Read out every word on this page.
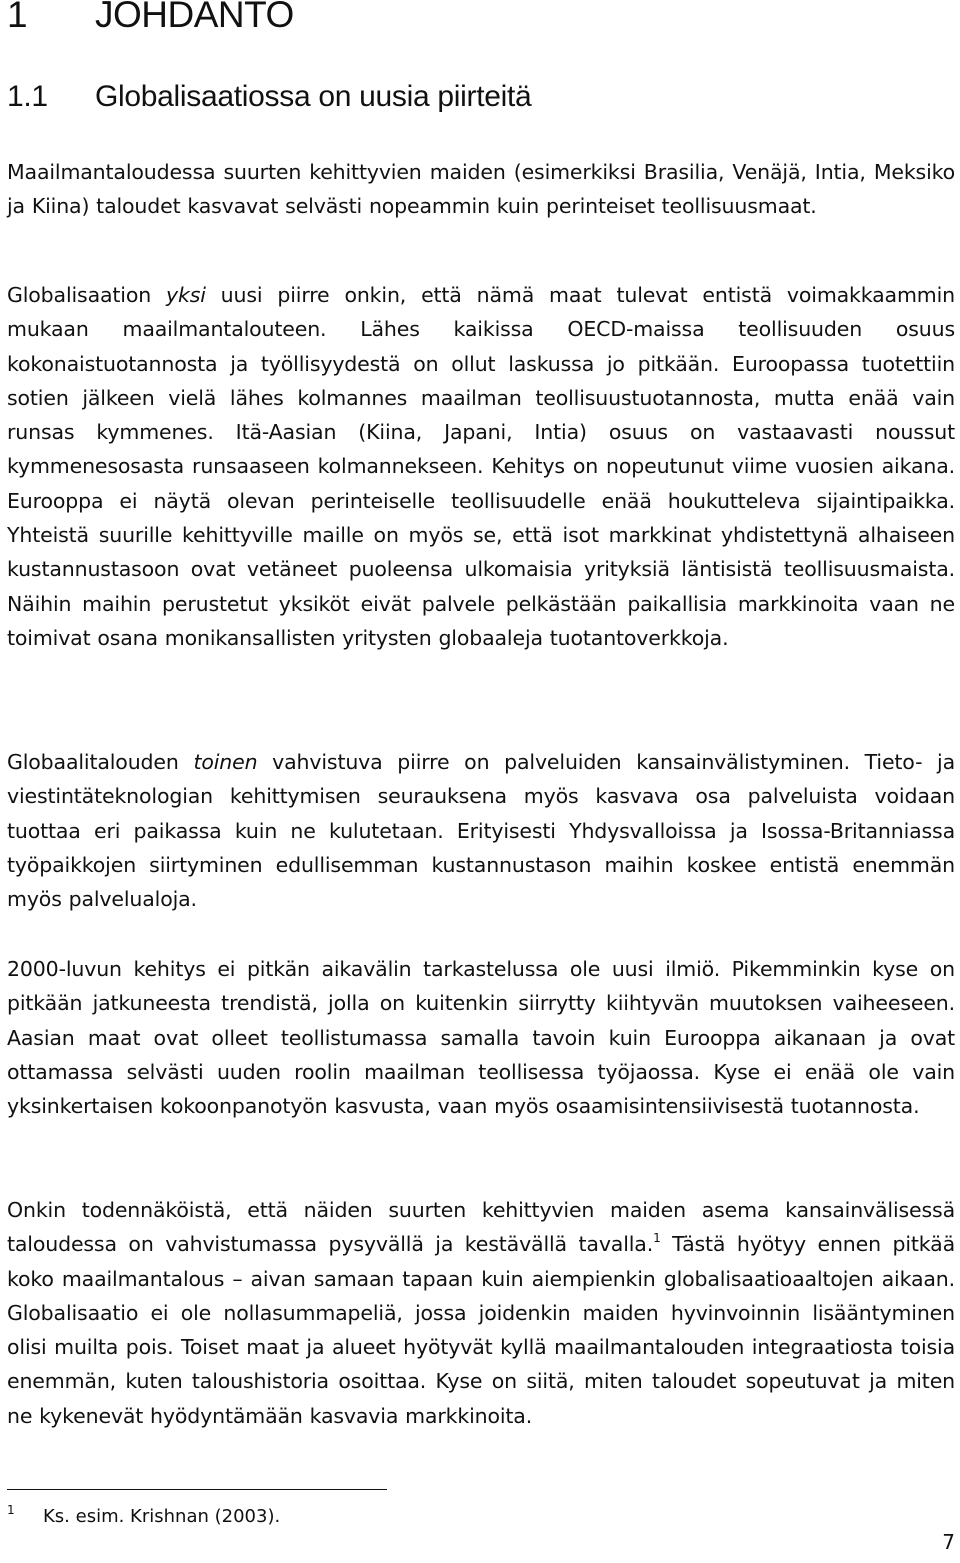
1 JOHDANTO
1.1 Globalisaatiossa on uusia piirteitä

Maailmantaloudessa suurten kehittyvien maiden (esimerkiksi Brasilia, Venäjä, Intia, Meksiko ja Kiina) taloudet kasvavat selvästi nopeammin kuin perinteiset teollisuusmaat.

Globalisaation yksi uusi piirre onkin, että nämä maat tulevat entistä voimakkaammin mukaan maailmantalouteen. Lähes kaikissa OECD-maissa teollisuuden osuus kokonaistuotannosta ja työllisyydestä on ollut laskussa jo pitkään. Euroopassa tuotettiin sotien jälkeen vielä lähes kolmannes maailman teollisuustuotannosta, mutta enää vain runsas kymmenes. Itä-Aasian (Kiina, Japani, Intia) osuus on vastaavasti noussut kymmenesosasta runsaaseen kolmannekseen. Kehitys on nopeutunut viime vuosien aikana. Eurooppa ei näytä olevan perinteiselle teollisuudelle enää houkutteleva sijaintipaikka. Yhteistä suurille kehittyville maille on myös se, että isot markkinat yhdistettynä alhaiseen kustannustasoon ovat vetäneet puoleensa ulkomaisia yrityksiä läntisistä teollisuusmaista. Näihin maihin perustetut yksiköt eivät palvele pelkästään paikallisia markkinoita vaan ne toimivat osana monikansallisten yritysten globaaleja tuotantoverkkoja.

Globaalitalouden toinen vahvistuva piirre on palveluiden kansainvälistyminen. Tieto- ja viestintäteknologian kehittymisen seurauksena myös kasvava osa palveluista voidaan tuottaa eri paikassa kuin ne kulutetaan. Erityisesti Yhdysvalloissa ja Isossa-Britanniassa työpaikkojen siirtyminen edullisemman kustannustason maihin koskee entistä enemmän myös palvelualoja.

2000-luvun kehitys ei pitkän aikavälin tarkastelussa ole uusi ilmiö. Pikemminkin kyse on pitkään jatkuneesta trendistä, jolla on kuitenkin siirrytty kiihtyvän muutoksen vaiheeseen. Aasian maat ovat olleet teollistumassa samalla tavoin kuin Eurooppa aikanaan ja ovat ottamassa selvästi uuden roolin maailman teollisessa työjaossa. Kyse ei enää ole vain yksinkertaisen kokoonpanotyön kasvusta, vaan myös osaamisintensiivisestä tuotannosta.

Onkin todennäköistä, että näiden suurten kehittyvien maiden asema kansainvälisessä taloudessa on vahvistumassa pysyvällä ja kestävällä tavalla.$^1$ Tästä hyötyy ennen pitkää koko maailmantalous – aivan samaan tapaan kuin aiempienkin globalisaatioaaltojen aikaan. Globalisaatio ei ole nollasummapeliä, jossa joidenkin maiden hyvinvoinnin lisääntyminen olisi muilta pois. Toiset maat ja alueet hyötyvät kyllä maailmantalouden integraatiosta toisia enemmän, kuten taloushistoria osoittaa. Kyse on siitä, miten taloudet sopeutuvat ja miten ne kykenevät hyödyntämään kasvavia markkinoita.

1 Ks. esim. Krishnan (2003).
7
